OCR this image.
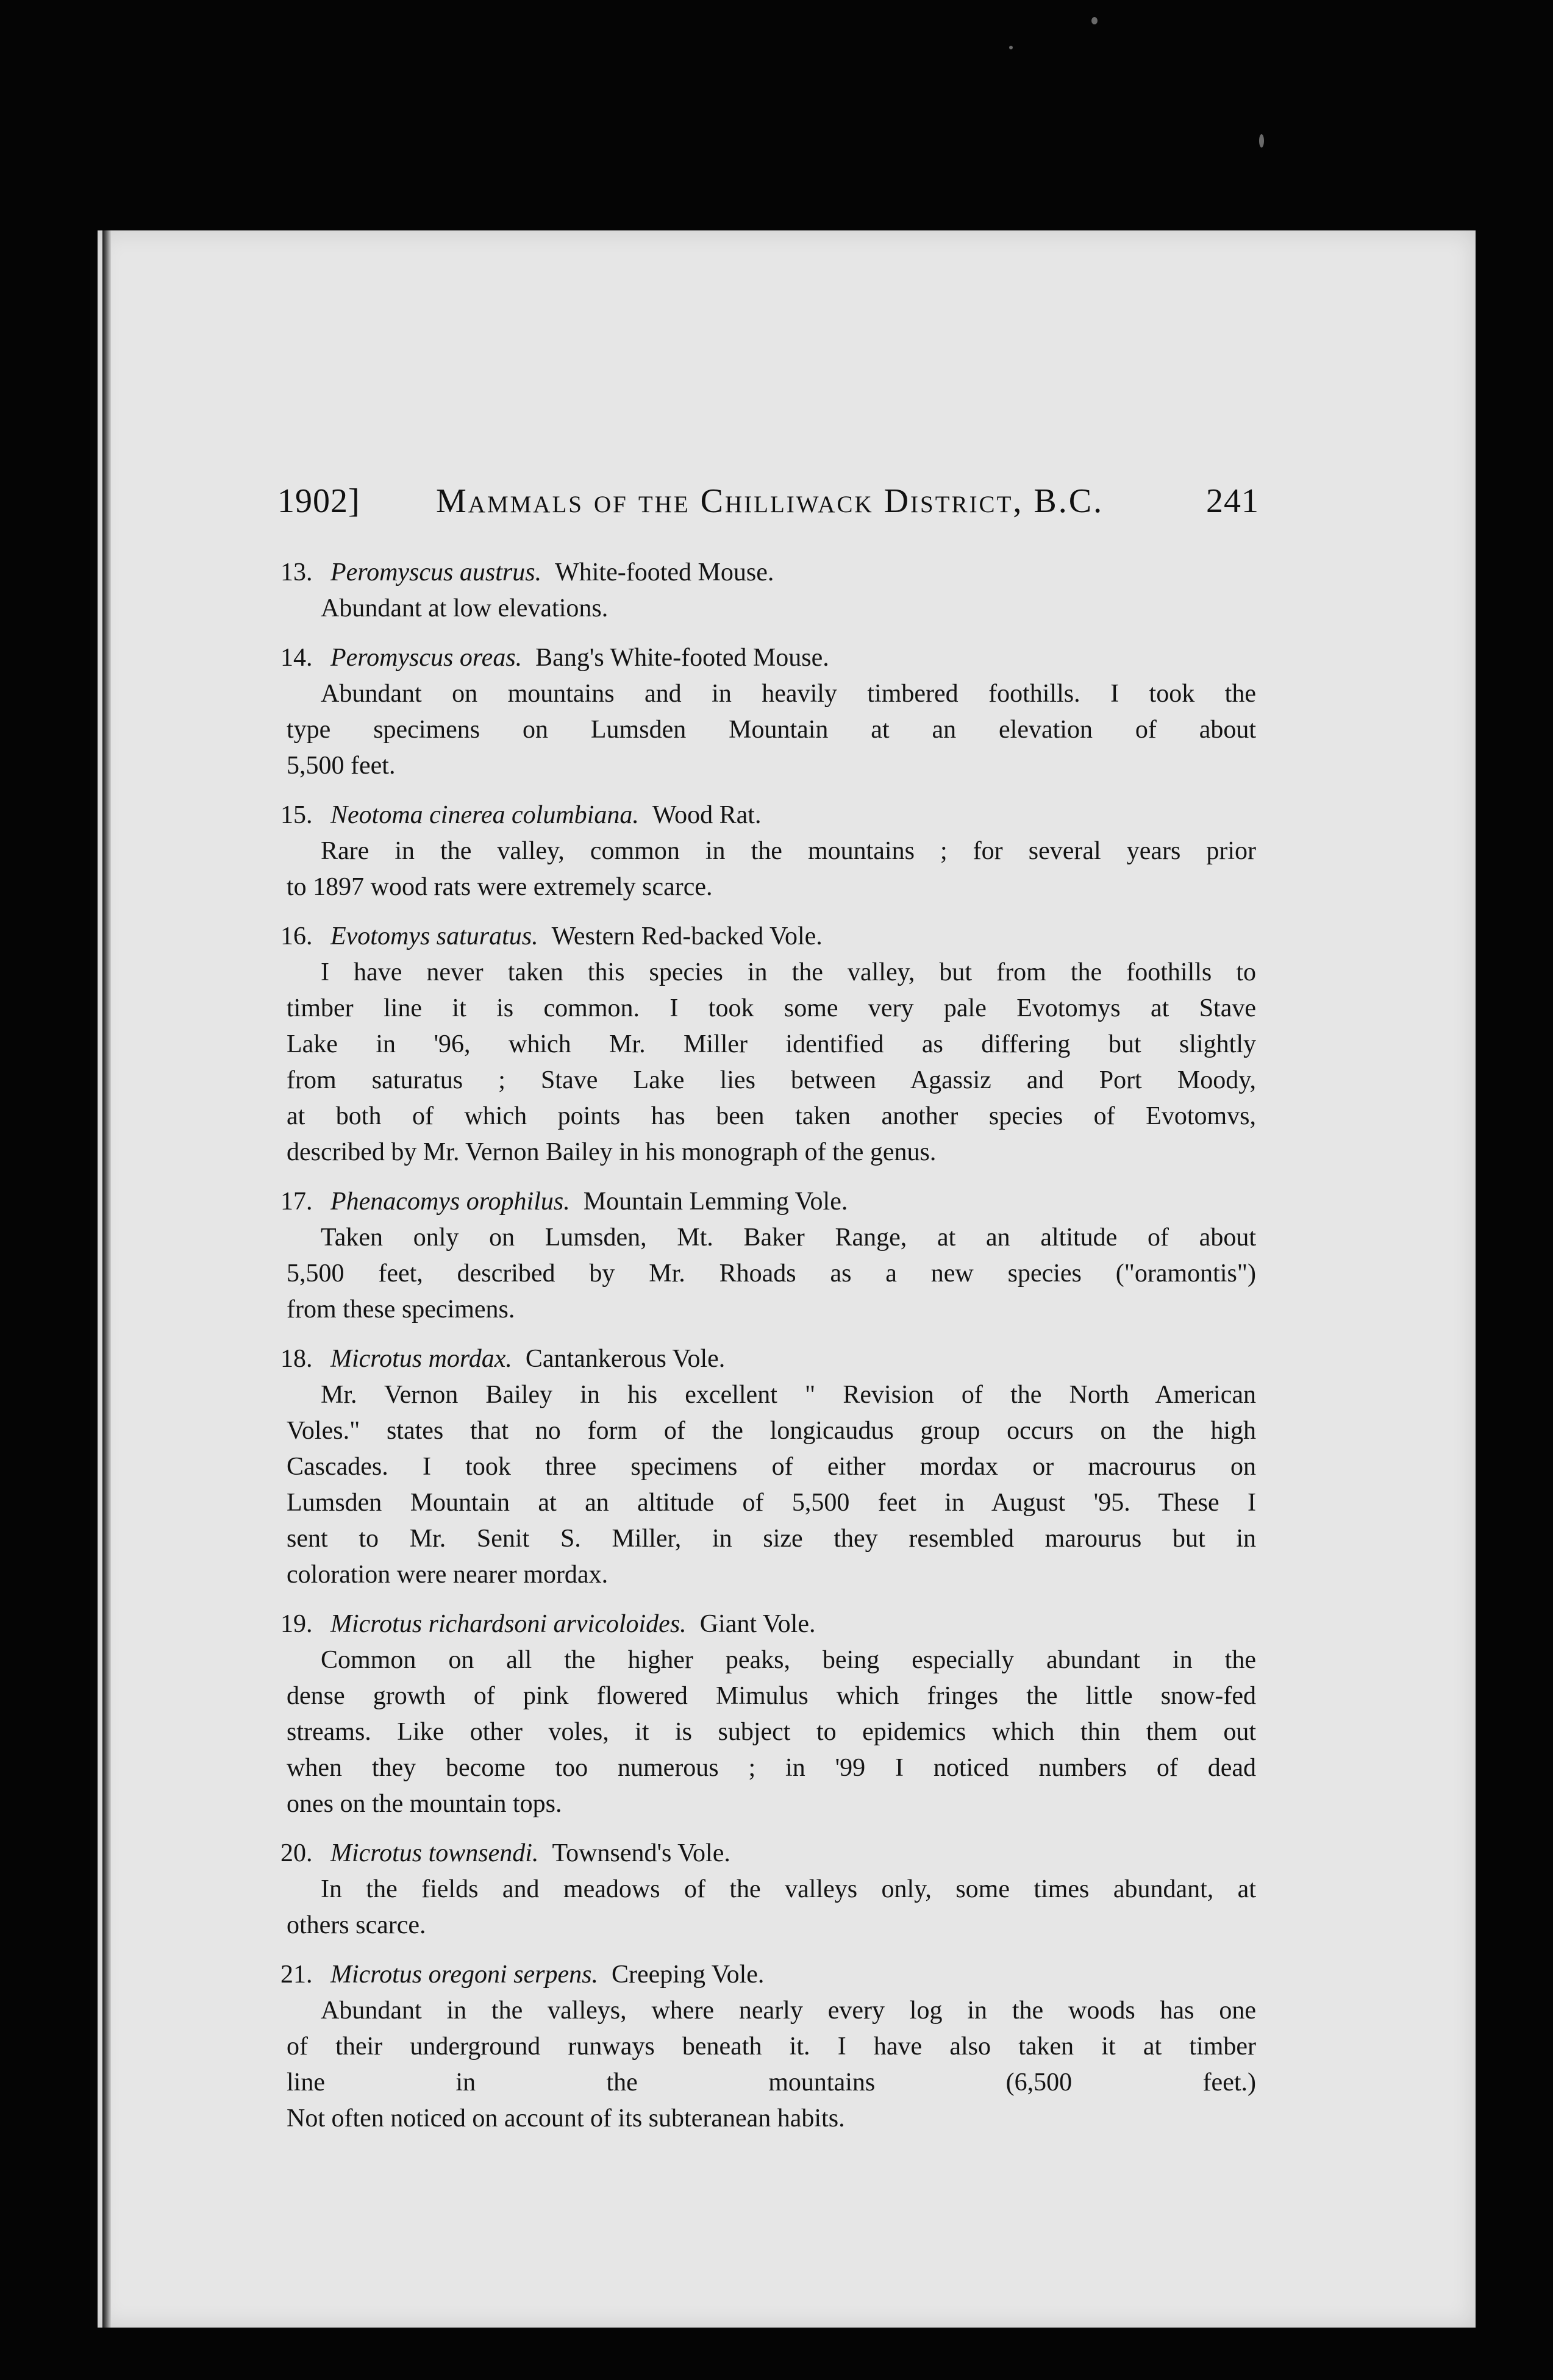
1902] Mammals of the Chilliwack District, B.C.	241
13. Peromyscus austrus. White-footed Mouse.
Abundant at low elevations.
14. Peromyscus oreas. Bang's White-footed Mouse.
Abundant on mountains and in heavily timbered foothills. I took the
type specimens on Lumsden Mountain at an elevation of about
5,500 feet.
15. Neotoma cinerea columbiana. Wood Rat.
Rare in the valley, common in the mountains ; for several years prior
to 1897 wood rats were extremely scarce.
16. Evotomys saturatus. Western Red-backed Vole.
I have never taken this species in the valley, but from the foothills to
timber line it is common. I took some very pale Evotomys at Stave
Lake in '96, which Mr. Miller identified as differing but slightly
from saturatus ; Stave Lake lies between Agassiz and Port Moody,
at both of which points has been taken another species of Evotomvs,
described by Mr. Vernon Bailey in his monograph of the genus.
17. Phenacomys orophilus. Mountain Lemming Vole.
Taken only on Lumsden, Mt. Baker Range, at an altitude of about
5,500 feet, described by Mr. Rhoads as a new species ("oramontis")
from these specimens.
18. Microtus mordax. Cantankerous Vole.
Mr. Vernon Bailey in his excellent " Revision of the North American
Voles." states that no form of the longicaudus group occurs on the high
Cascades. I took three specimens of either mordax or macrourus on
Lumsden Mountain at an altitude of 5,500 feet in August '95. These I
sent to Mr. Senit S. Miller, in size they resembled marourus but in
coloration were nearer mordax.
19. Microtus richardsoni arvicoloides. Giant Vole.
Common on all the higher peaks, being especially abundant in the
dense growth of pink flowered Mimulus which fringes the little snow-fed
streams. Like other voles, it is subject to epidemics which thin them out
when they become too numerous ; in '99 I noticed numbers of dead
ones on the mountain tops.
20. Microtus townsendi. Townsend's Vole.
In the fields and meadows of the valleys only, some times abundant, at
others scarce.
21. Microtus oregoni serpens. Creeping Vole.
Abundant in the valleys, where nearly every log in the woods has one
of their underground runways beneath it. I have also taken it at timber
line in the mountains (6,500 feet.)
Not often noticed on account of its subteranean habits.
